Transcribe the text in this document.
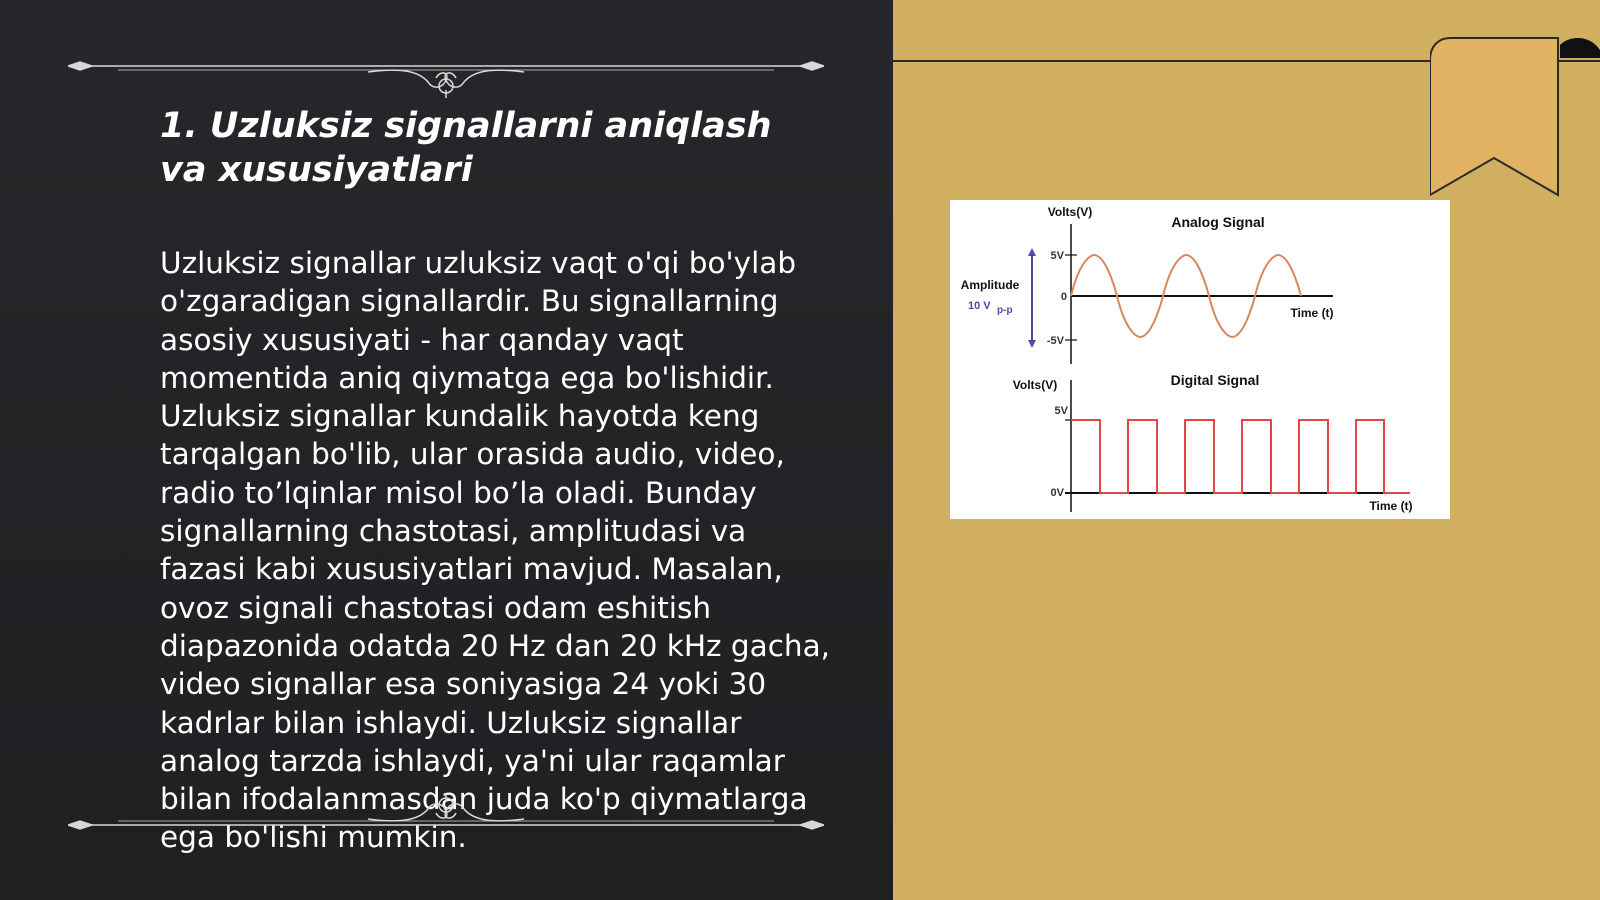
1. Uzluksiz signallarni aniqlash va xususiyatlari

Uzluksiz signallar uzluksiz vaqt o'qi bo'ylab o'zgaradigan signallardir. Bu signallarning asosiy xususiyati - har qanday vaqt momentida aniq qiymatga ega bo'lishidir. Uzluksiz signallar kundalik hayotda keng tarqalgan bo'lib, ular orasida audio, video, radio to’lqinlar misol bo’la oladi. Bunday signallarning chastotasi, amplitudasi va fazasi kabi xususiyatlari mavjud. Masalan, ovoz signali chastotasi odam eshitish diapazonida odatda 20 Hz dan 20 kHz gacha, video signallar esa soniyasiga 24 yoki 30 kadrlar bilan ishlaydi. Uzluksiz signallar analog tarzda ishlaydi, ya'ni ular raqamlar bilan ifodalanmasdan juda ko'p qiymatlarga ega bo'lishi mumkin.

Volts(V)
Analog Signal
5V
0
-5V
Time (t)
Amplitude
10 V p-p
Volts(V)	Digital Signal
5V
0V
Time (t)
